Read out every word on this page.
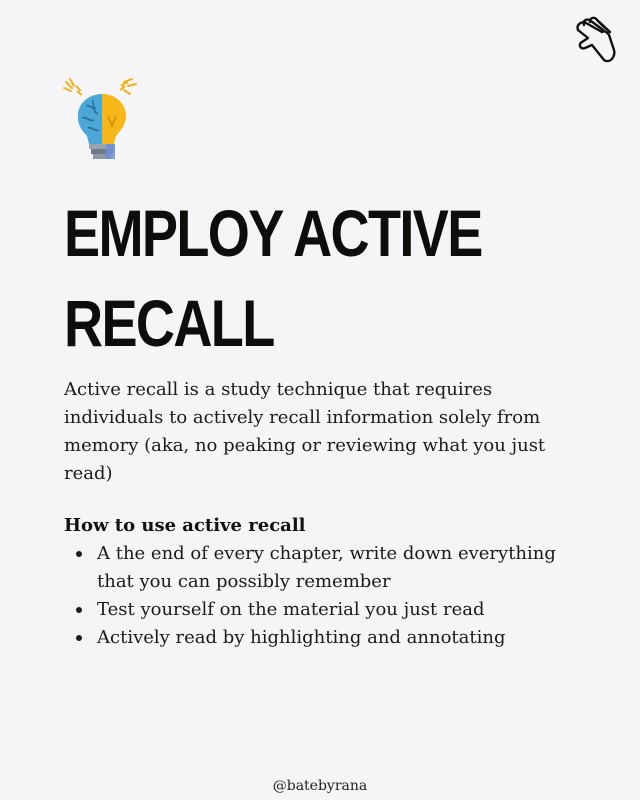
EMPLOY ACTIVE RECALL

Active recall is a study technique that requires individuals to actively recall information solely from memory (aka, no peaking or reviewing what you just read)

How to use active recall
A the end of every chapter, write down everything that you can possibly remember
Test yourself on the material you just read
Actively read by highlighting and annotating

@batebyrana
